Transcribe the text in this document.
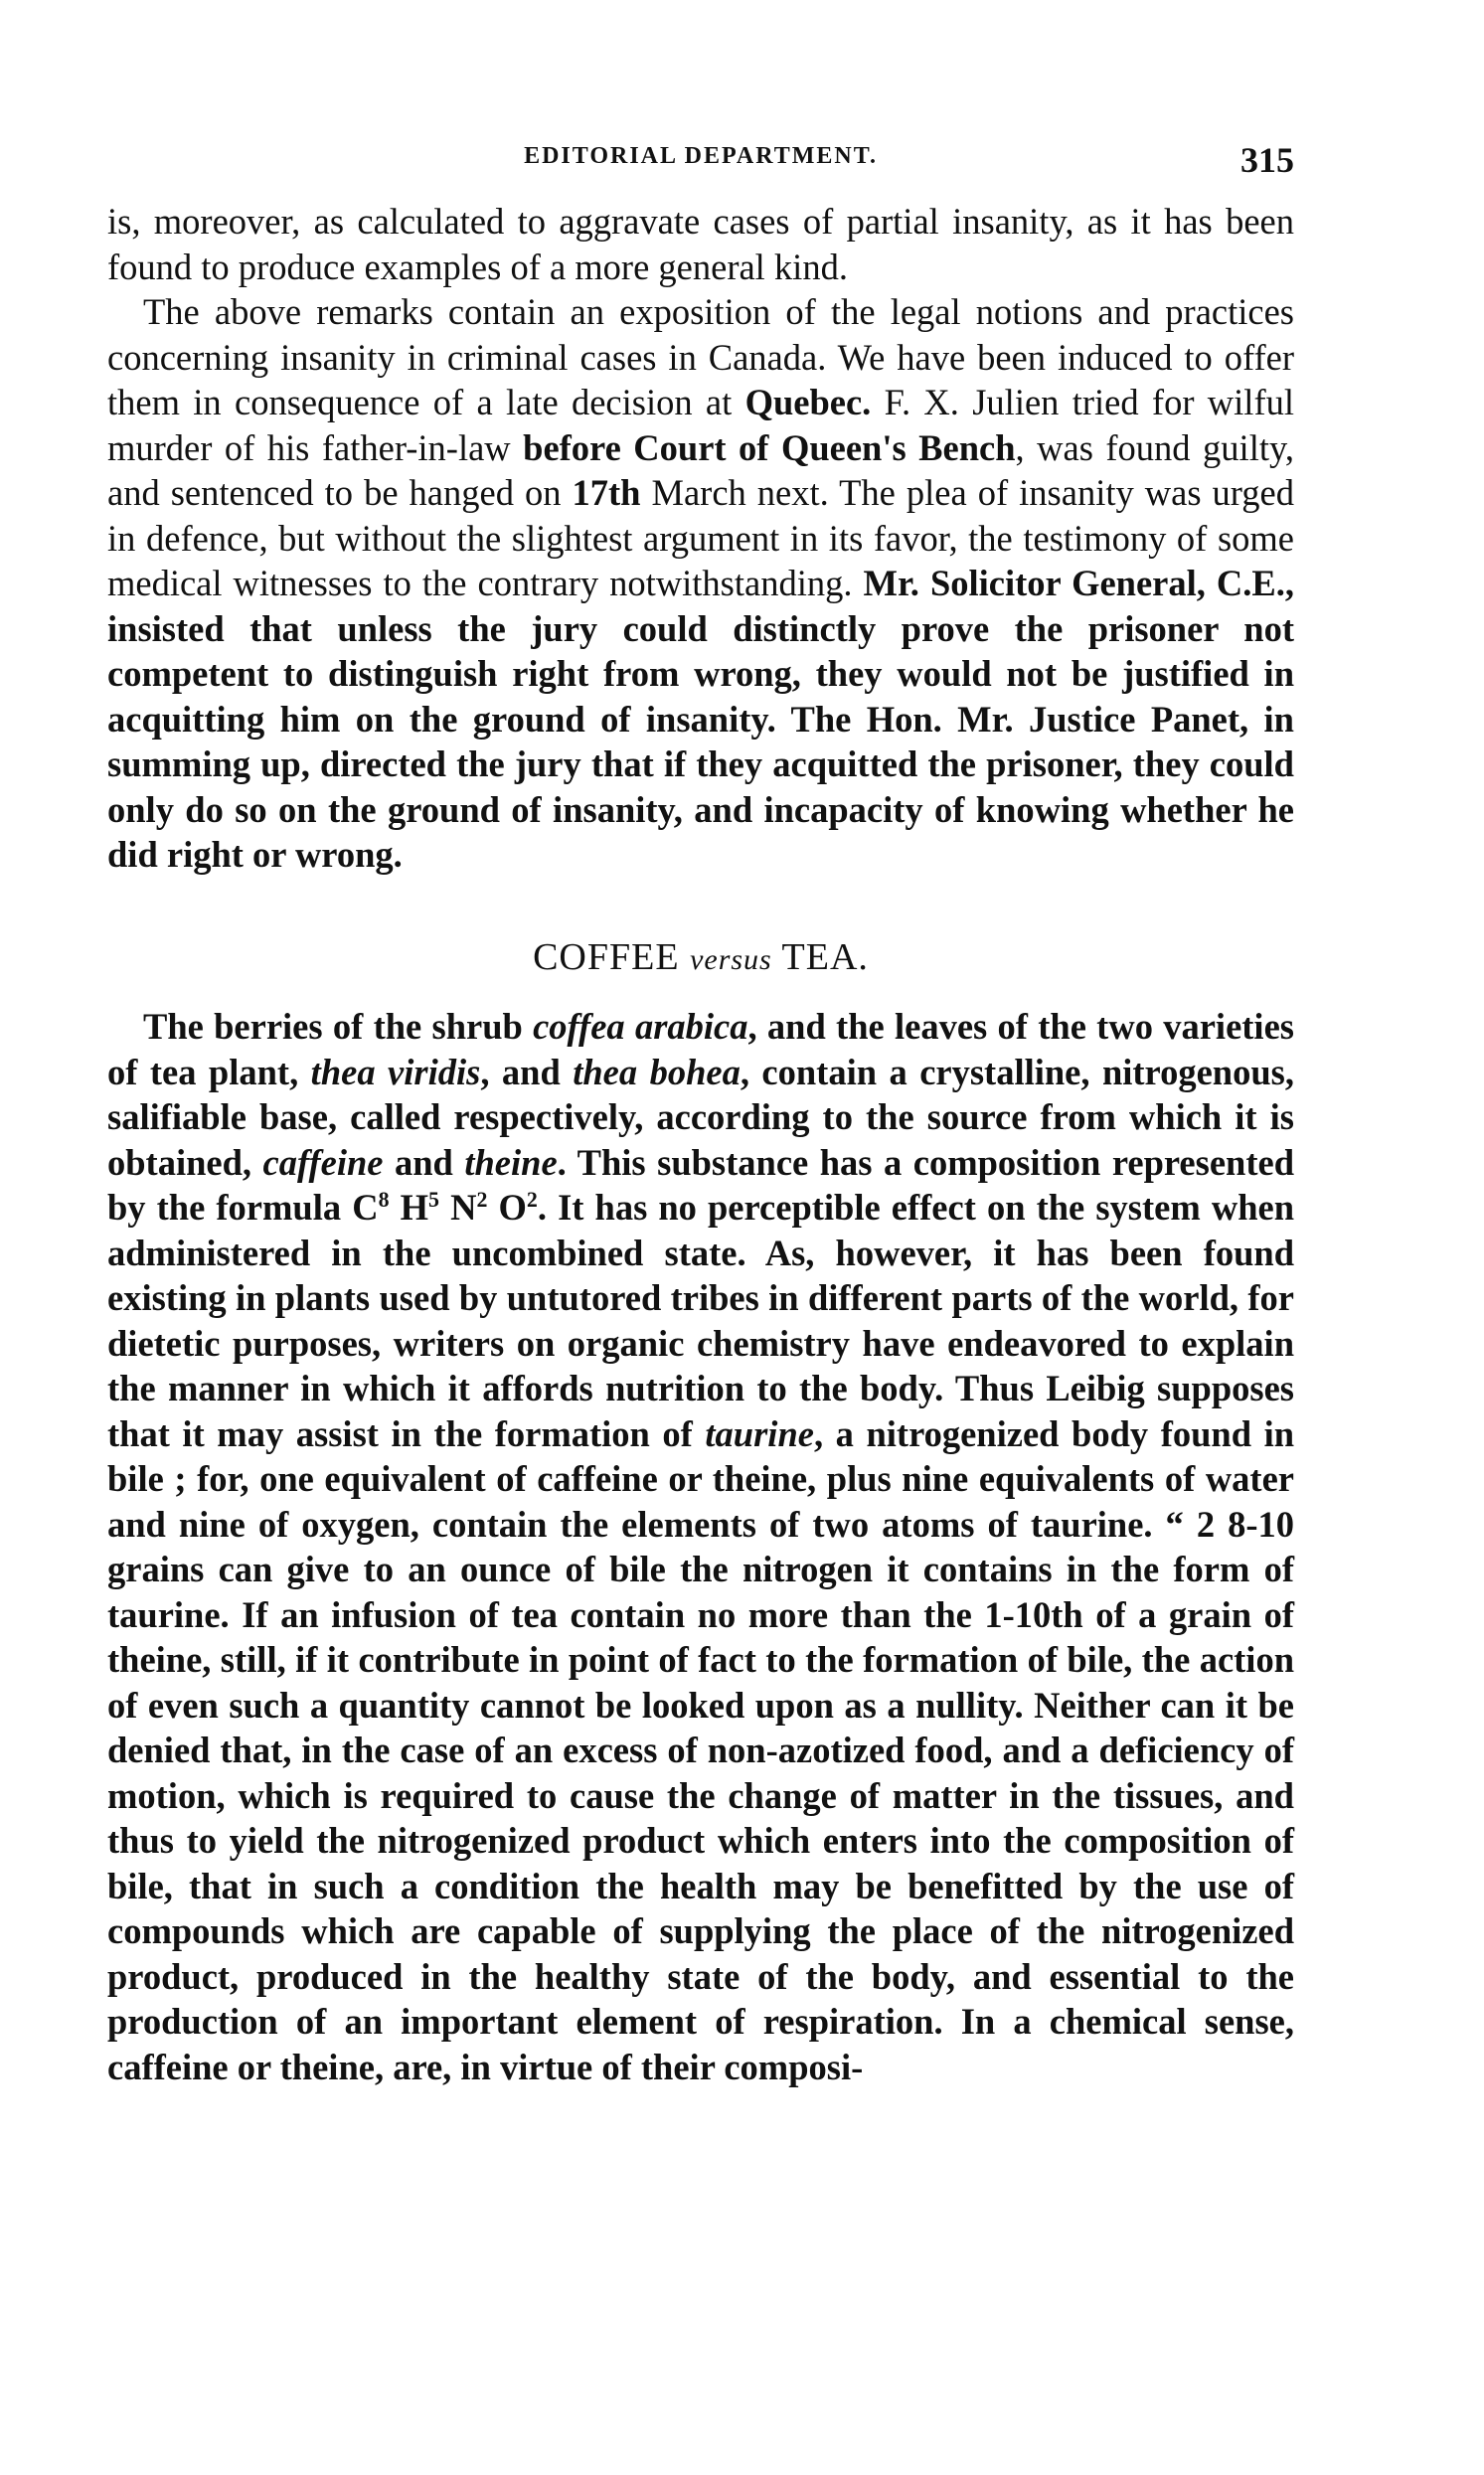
EDITORIAL DEPARTMENT.	315

is, moreover, as calculated to aggravate cases of partial insanity, as it has been found to produce examples of a more general kind.

The above remarks contain an exposition of the legal notions and practices concerning insanity in criminal cases in Canada. We have been induced to offer them in consequence of a late decision at Quebec. F. X. Julien tried for wilful murder of his father-in-law before Court of Queen's Bench, was found guilty, and sentenced to be hanged on 17th March next. The plea of insanity was urged in defence, but without the slightest argument in its favor, the testimony of some medical witnesses to the contrary notwithstanding. Mr. Solicitor General, C.E., insisted that unless the jury could distinctly prove the prisoner not competent to distinguish right from wrong, they would not be justified in acquitting him on the ground of insanity. The Hon. Mr. Justice Panet, in summing up, directed the jury that if they acquitted the prisoner, they could only do so on the ground of insanity, and incapacity of knowing whether he did right or wrong.

COFFEE versus TEA.

The berries of the shrub coffea arabica, and the leaves of the two varieties of tea plant, thea viridis, and thea bohea, contain a crystalline, nitrogenous, salifiable base, called respectively, according to the source from which it is obtained, caffeine and theine. This substance has a composition represented by the formula $C^8$ $H^5$ $N^2$ $O^2$. It has no perceptible effect on the system when administered in the uncombined state. As, however, it has been found existing in plants used by untutored tribes in different parts of the world, for dietetic purposes, writers on organic chemistry have endeavored to explain the manner in which it affords nutrition to the body. Thus Leibig supposes that it may assist in the formation of taurine, a nitrogenized body found in bile ; for, one equivalent of caffeine or theine, plus nine equivalents of water and nine of oxygen, contain the elements of two atoms of taurine. “ 2 8-10 grains can give to an ounce of bile the nitrogen it contains in the form of taurine. If an infusion of tea contain no more than the 1-10th of a grain of theine, still, if it contribute in point of fact to the formation of bile, the action of even such a quantity cannot be looked upon as a nullity. Neither can it be denied that, in the case of an excess of non-azotized food, and a deficiency of motion, which is required to cause the change of matter in the tissues, and thus to yield the nitrogenized product which enters into the composition of bile, that in such a condition the health may be benefitted by the use of compounds which are capable of supplying the place of the nitrogenized product, produced in the healthy state of the body, and essential to the production of an important element of respiration. In a chemical sense, caffeine or theine, are, in virtue of their composi-
